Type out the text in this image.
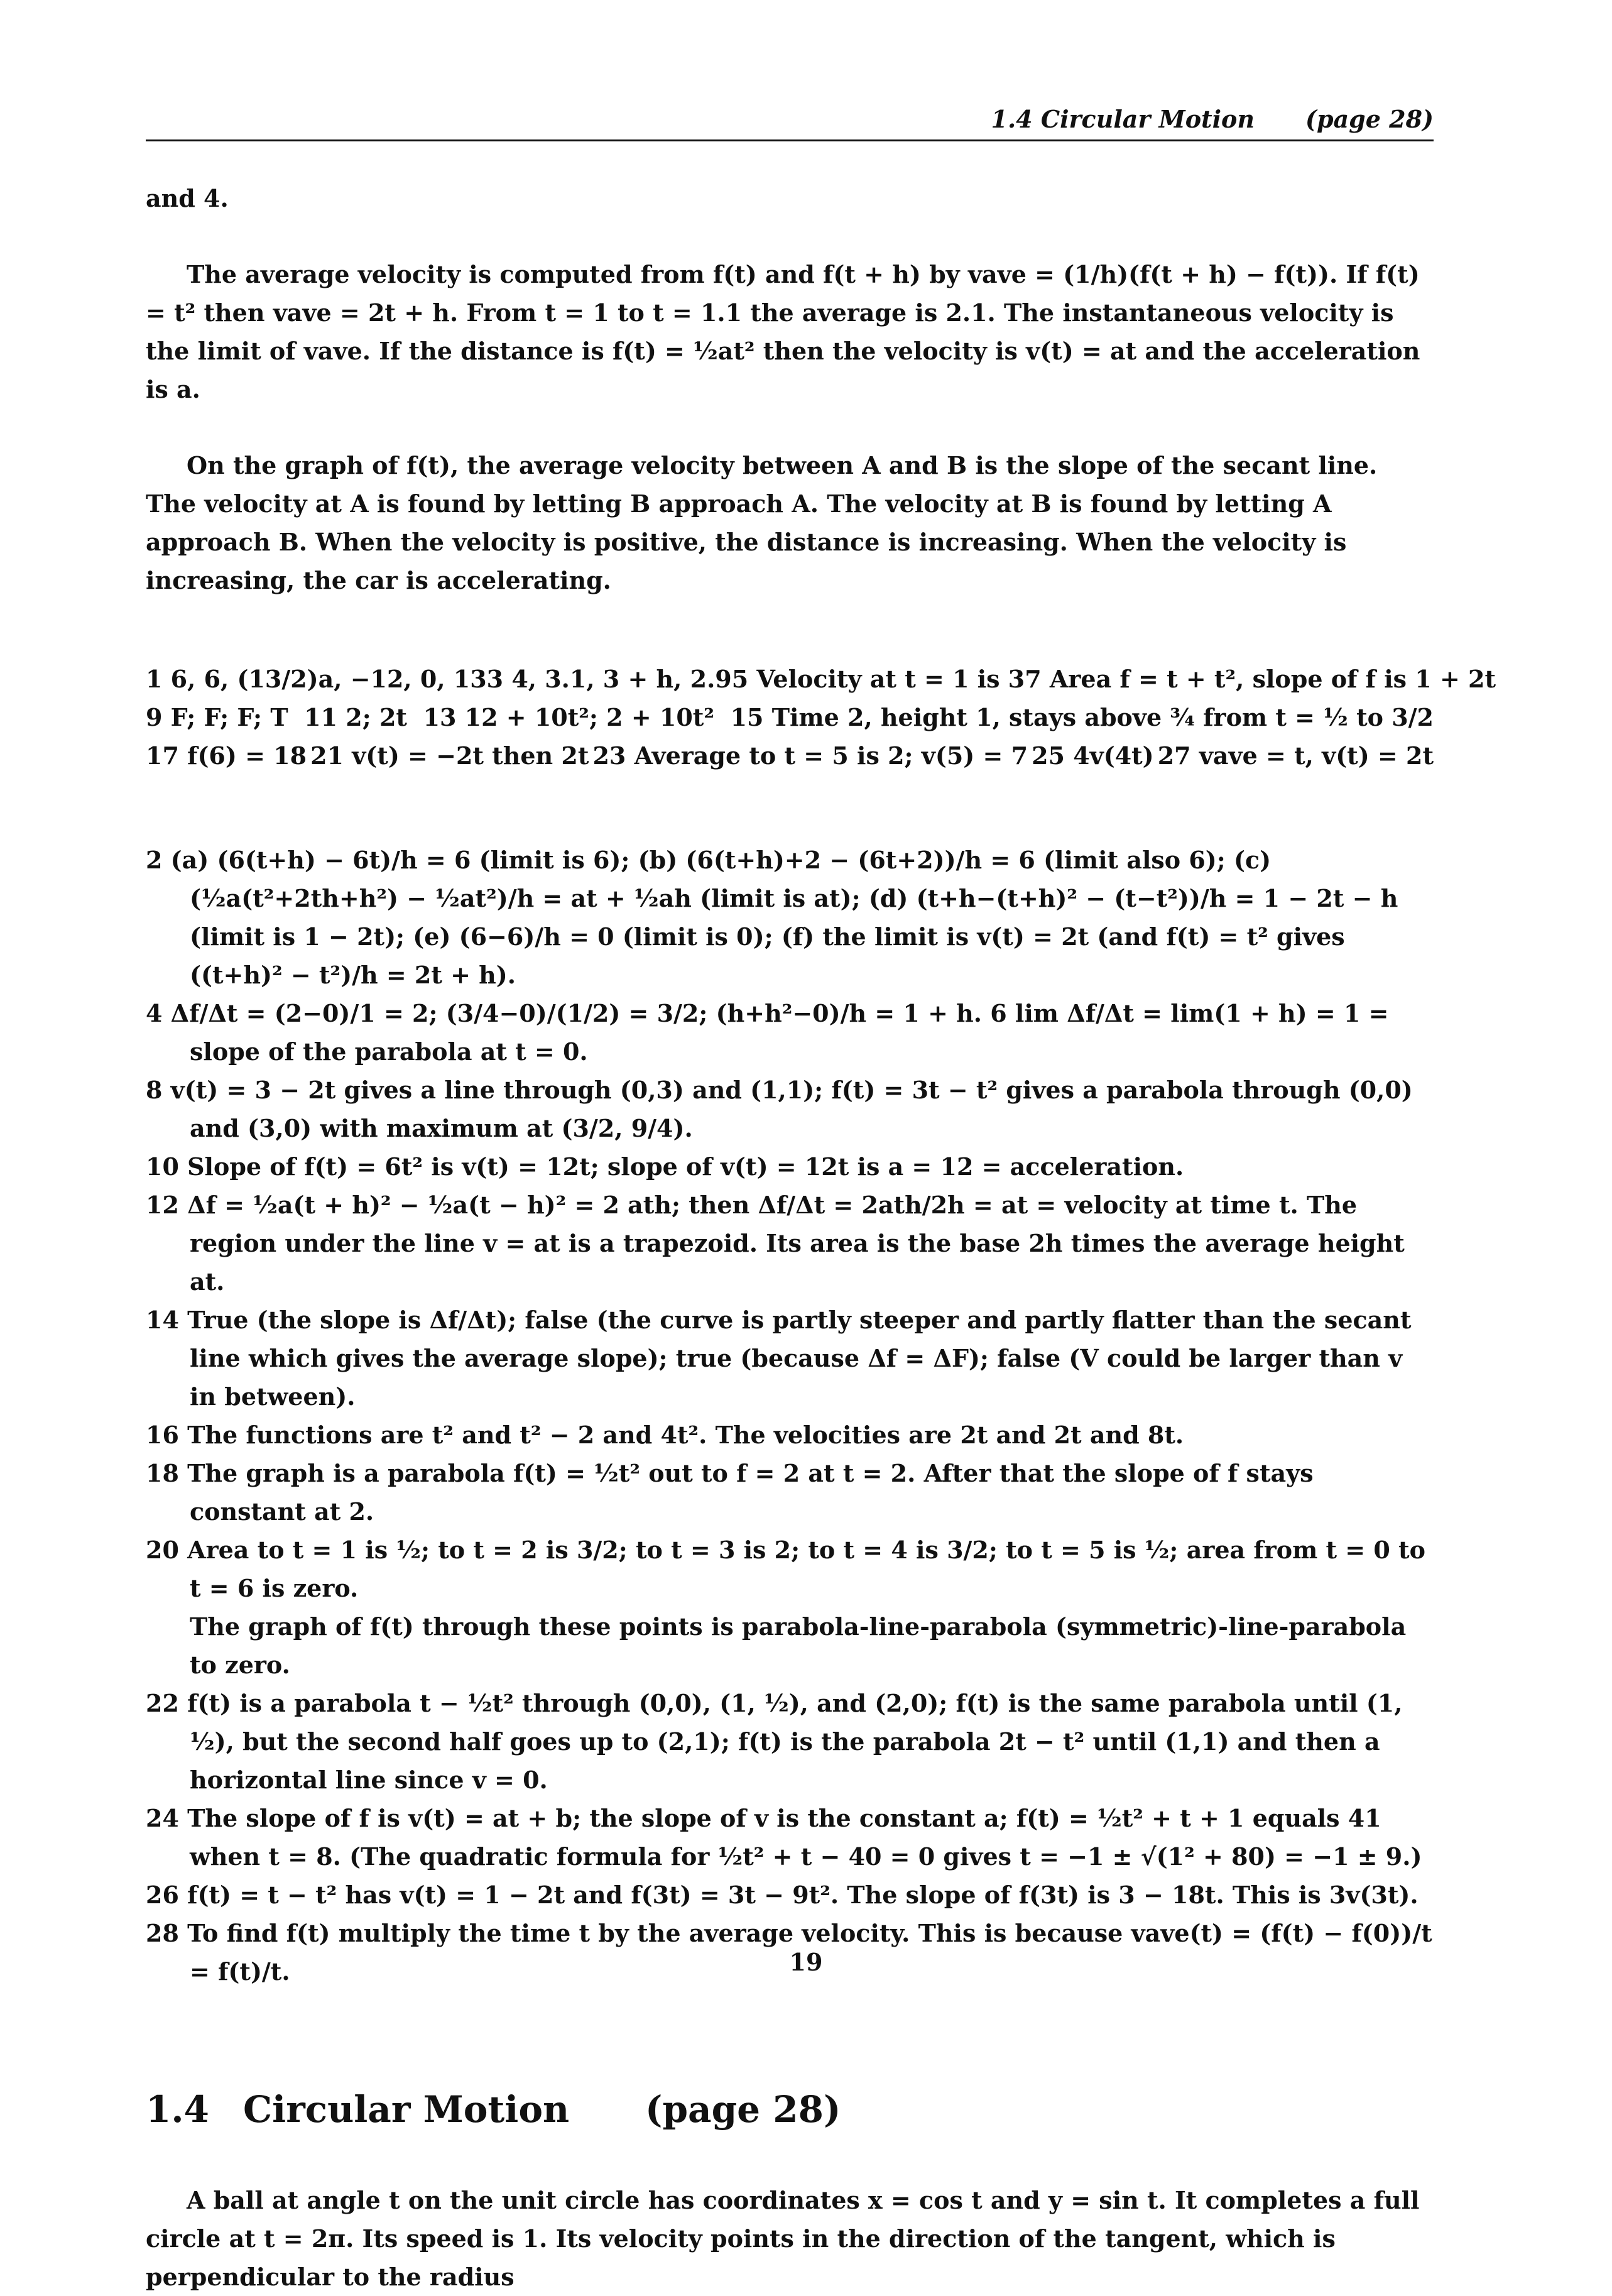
1.4 Circular Motion (page 28)

and 4.

The average velocity is computed from f(t) and f(t + h) by vave = (1/h)(f(t + h) − f(t)). If f(t) = t² then vave = 2t + h. From t = 1 to t = 1.1 the average is 2.1. The instantaneous velocity is the limit of vave. If the distance is f(t) = ½at² then the velocity is v(t) = at and the acceleration is a.

On the graph of f(t), the average velocity between A and B is the slope of the secant line. The velocity at A is found by letting B approach A. The velocity at B is found by letting A approach B. When the velocity is positive, the distance is increasing. When the velocity is increasing, the car is accelerating.

1 6, 6, (13/2)a, −12, 0, 13 3 4, 3.1, 3 + h, 2.9 5 Velocity at t = 1 is 3 7 Area f = t + t², slope of f is 1 + 2t
9 F; F; F; T 11 2; 2t 13 12 + 10t²; 2 + 10t² 15 Time 2, height 1, stays above ¾ from t = ½ to 3/2
17 f(6) = 18 21 v(t) = −2t then 2t 23 Average to t = 5 is 2; v(5) = 7 25 4v(4t) 27 vave = t, v(t) = 2t

2 (a) (6(t+h) − 6t)/h = 6 (limit is 6); (b) (6(t+h)+2 − (6t+2))/h = 6 (limit also 6); (c) (½a(t²+2th+h²) − ½at²)/h = at + ½ah (limit is at); (d) (t+h−(t+h)² − (t−t²))/h = 1 − 2t − h (limit is 1 − 2t); (e) (6−6)/h = 0 (limit is 0); (f) the limit is v(t) = 2t (and f(t) = t² gives ((t+h)² − t²)/h = 2t + h).

4 Δf/Δt = (2−0)/1 = 2; (3/4−0)/(1/2) = 3/2; (h+h²−0)/h = 1 + h. 6 lim Δf/Δt = lim(1 + h) = 1 = slope of the parabola at t = 0.

8 v(t) = 3 − 2t gives a line through (0,3) and (1,1); f(t) = 3t − t² gives a parabola through (0,0) and (3,0) with maximum at (3/2, 9/4).

10 Slope of f(t) = 6t² is v(t) = 12t; slope of v(t) = 12t is a = 12 = acceleration.

12 Δf = ½a(t + h)² − ½a(t − h)² = 2 ath; then Δf/Δt = 2ath/2h = at = velocity at time t. The region under the line v = at is a trapezoid. Its area is the base 2h times the average height at.

14 True (the slope is Δf/Δt); false (the curve is partly steeper and partly flatter than the secant line which gives the average slope); true (because Δf = ΔF); false (V could be larger than v in between).

16 The functions are t² and t² − 2 and 4t². The velocities are 2t and 2t and 8t.

18 The graph is a parabola f(t) = ½t² out to f = 2 at t = 2. After that the slope of f stays constant at 2.

20 Area to t = 1 is ½; to t = 2 is 3/2; to t = 3 is 2; to t = 4 is 3/2; to t = 5 is ½; area from t = 0 to t = 6 is zero.

The graph of f(t) through these points is parabola-line-parabola (symmetric)-line-parabola to zero.

22 f(t) is a parabola t − ½t² through (0,0), (1, ½), and (2,0); f(t) is the same parabola until (1, ½), but the second half goes up to (2,1); f(t) is the parabola 2t − t² until (1,1) and then a horizontal line since v = 0.

24 The slope of f is v(t) = at + b; the slope of v is the constant a; f(t) = ½t² + t + 1 equals 41 when t = 8. (The quadratic formula for ½t² + t − 40 = 0 gives t = −1 ± √(1² + 80) = −1 ± 9.)

26 f(t) = t − t² has v(t) = 1 − 2t and f(3t) = 3t − 9t². The slope of f(3t) is 3 − 18t. This is 3v(3t).

28 To find f(t) multiply the time t by the average velocity. This is because vave(t) = (f(t) − f(0))/t = f(t)/t.

1.4 Circular Motion	(page 28)

A ball at angle t on the unit circle has coordinates x = cos t and y = sin t. It completes a full circle at t = 2π. Its speed is 1. Its velocity points in the direction of the tangent, which is perpendicular to the radius

19
